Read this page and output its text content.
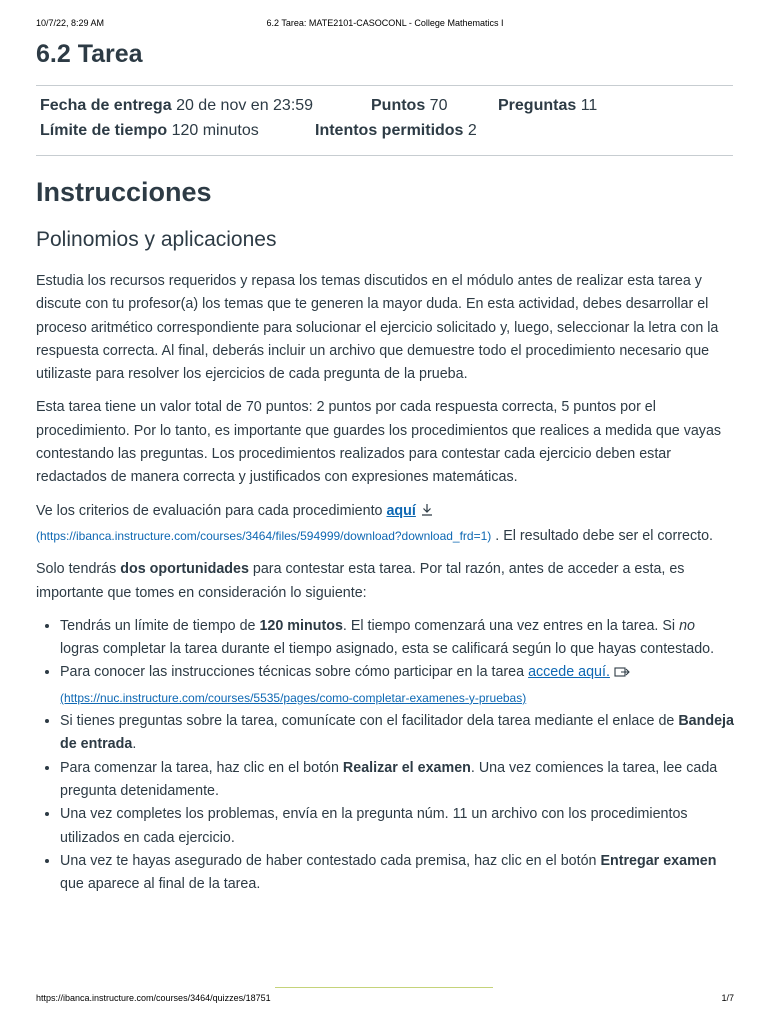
10/7/22, 8:29 AM	6.2 Tarea: MATE2101-CASOCONL - College Mathematics I
6.2 Tarea
Fecha de entrega 20 de nov en 23:59	Puntos 70	Preguntas 11
Límite de tiempo 120 minutos	Intentos permitidos 2
Instrucciones
Polinomios y aplicaciones

Estudia los recursos requeridos y repasa los temas discutidos en el módulo antes de realizar esta tarea y discute con tu profesor(a) los temas que te generen la mayor duda. En esta actividad, debes desarrollar el proceso aritmético correspondiente para solucionar el ejercicio solicitado y, luego, seleccionar la letra con la respuesta correcta. Al final, deberás incluir un archivo que demuestre todo el procedimiento necesario que utilizaste para resolver los ejercicios de cada pregunta de la prueba.

Esta tarea tiene un valor total de 70 puntos: 2 puntos por cada respuesta correcta, 5 puntos por el procedimiento. Por lo tanto, es importante que guardes los procedimientos que realices a medida que vayas contestando las preguntas. Los procedimientos realizados para contestar cada ejercicio deben estar redactados de manera correcta y justificados con expresiones matemáticas.

Ve los criterios de evaluación para cada procedimiento aquí
(https://ibanca.instructure.com/courses/3464/files/594999/download?download_frd=1) . El resultado debe ser el correcto.

Solo tendrás dos oportunidades para contestar esta tarea. Por tal razón, antes de acceder a esta, es importante que tomes en consideración lo siguiente:

• Tendrás un límite de tiempo de 120 minutos. El tiempo comenzará una vez entres en la tarea. Si no logras completar la tarea durante el tiempo asignado, esta se calificará según lo que hayas contestado.
• Para conocer las instrucciones técnicas sobre cómo participar en la tarea accede aquí.
(https://nuc.instructure.com/courses/5535/pages/como-completar-examenes-y-pruebas)
• Si tienes preguntas sobre la tarea, comunícate con el facilitador dela tarea mediante el enlace de Bandeja de entrada.
• Para comenzar la tarea, haz clic en el botón Realizar el examen. Una vez comiences la tarea, lee cada pregunta detenidamente.
• Una vez completes los problemas, envía en la pregunta núm. 11 un archivo con los procedimientos utilizados en cada ejercicio.
• Una vez te hayas asegurado de haber contestado cada premisa, haz clic en el botón Entregar examen que aparece al final de la tarea.
https://ibanca.instructure.com/courses/3464/quizzes/18751	1/7
